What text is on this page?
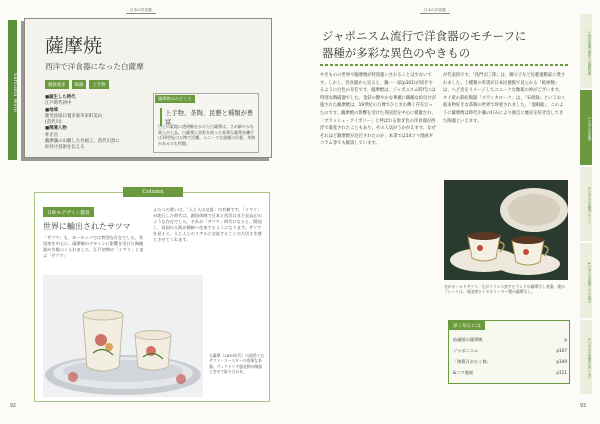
日本の洋食器
Satsuma Ware
薩摩焼
西洋で洋食器になった白薩摩
朝鮮渡来	陶器	上手物
■誕生した時代
江戸時代初中
■地域
鹿児島県日置市東市来町美山
(苗代川)
■関連人物
朴正官
薩摩藩の山脈した名画工、苗代川窯に
絵付け技術を伝える
薩摩焼のみどころ
上手物、茶陶、民藝と種類が豊富
白土の素地に透明釉をかけた白薩摩は、さめ細やかな貫入が上品。白薩摩に金彩を使った豪華な薩摩金襴手は19世紀の万博で活躍。ユニークな器種の民藝、茶陶があるのも特徴。
Column
日欧モデザイン鑑賞
世界に輸出されたサツマ
「サツマ」も、ヨーロッパでは特別な存在でした。英国窯を中心に、薩摩焼のデザインに影響を受けた陶磁器が多数つくられました。江戸初期の「イマリ」と並ぶ「サツマ」
ふたつの書いは、「人と人の交流」の有無です。「イマリ」が流行した時代は、鎖国体制で日本と西洋はまだ見ぬ幻のような存在でした。それが「サツマ」時代になると、開国し、両国の人間が積極へ往来するようになります。サツマを見ると、人と人とのリアルに交流することの大切さを感じさせてくれます。
左薩摩（1870年代）の湯呑と右サツマ・コースターの豪華な茶器。ヴィクトリア風花柄の陶器と会せて取り合わせ。
92
日本の洋食器
ジャポニスム流行で洋食器のモチーフに
器種が多彩な異色のやきもの
やきものの世界で薩摩焼が特別扱いされることは少ないです。しかし、洋食器から見ると、鍋一一家(p101)が紹介するように白色の存在です。薩摩焼は、ジャポニスム時代には特別な陶磁器でした。金彩の艶やかな華麗に鶴鶴な絵付けが施された薩摩焼は、19世紀の万博でひときわ輝く存在だったのです。薩摩焼の影響を受けた英国窯を中心に模倣され、「ブラッシュ・アイボリー」と呼ばれる象牙色の洋食器が西洋で量産されたこともあり、その人気がうかがえます。なぜそれほど薩摩焼が注目されたのか、本書では14コマ漫画ギコラム等でも解説しています。
が代表的です。「島門司三郎」は、御父子など民藝運動家に愛されました。上種類の奉書が日本民藝館で見られる「蛇喰釉」は、へど皮をイメージしたユニークな釉薬の妙がございます。タイ産の鉄絵陶器「スワンカローク」は、「宋胡録」というおく船来物好きな茶陶の世界で珍重されました。「金剛器」、このように薩摩焼は時代や藩の好みにより独自に歴史を紡ぎ出してきた陶器といえます。
右がオールドサツマ、左がフランス窯アビランドの薩摩写し茶器。奥のプレートは、英国窯ロイヤルコーター製の薩摩写し。
深く知るには
仙厳園の薩摩焼	p
ジャポニスム	p107
「綾篠百がたく様」	p109
&コマ漫画	p111
1 西洋食器の歴史と基礎知識
2 日本の洋食器
3 日本の洋食器デザイン
4 日本の洋食器とその周辺
5 日本の洋食器の楽しみ方
93
